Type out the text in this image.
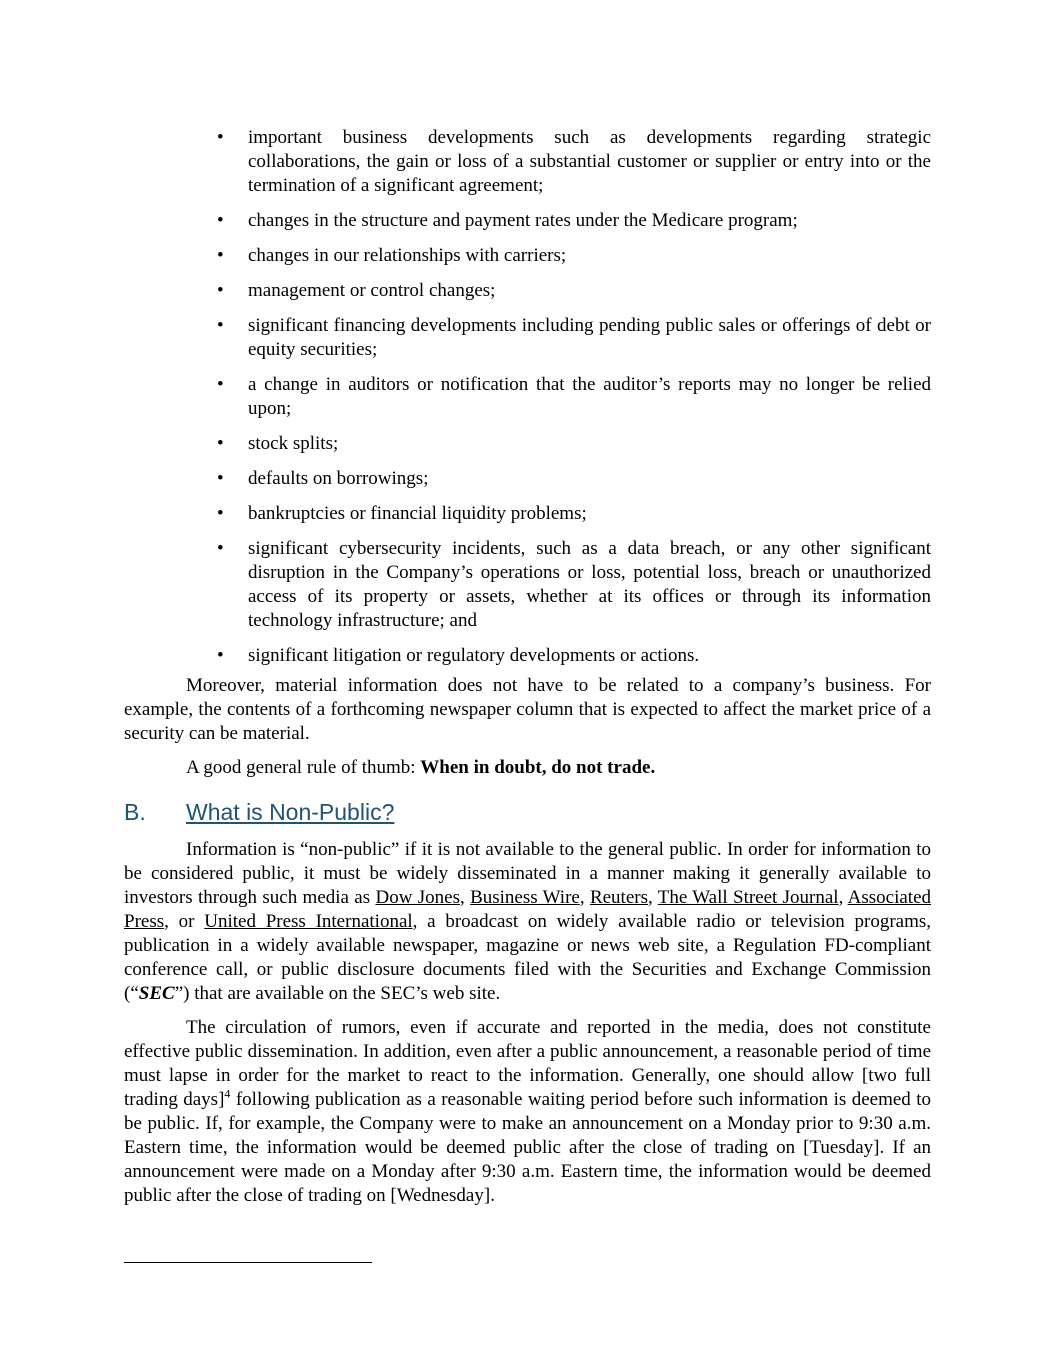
•	important business developments such as developments regarding strategic collaborations, the gain or loss of a substantial customer or supplier or entry into or the termination of a significant agreement;
•	changes in the structure and payment rates under the Medicare program;
•	changes in our relationships with carriers;
•	management or control changes;
•	significant financing developments including pending public sales or offerings of debt or equity securities;
•	a change in auditors or notification that the auditor’s reports may no longer be relied upon;
•	stock splits;
•	defaults on borrowings;
•	bankruptcies or financial liquidity problems;
•	significant cybersecurity incidents, such as a data breach, or any other significant disruption in the Company’s operations or loss, potential loss, breach or unauthorized access of its property or assets, whether at its offices or through its information technology infrastructure; and
•	significant litigation or regulatory developments or actions.

Moreover, material information does not have to be related to a company’s business. For example, the contents of a forthcoming newspaper column that is expected to affect the market price of a security can be material.

A good general rule of thumb: When in doubt, do not trade.

B. What is Non-Public?

Information is “non-public” if it is not available to the general public. In order for information to be considered public, it must be widely disseminated in a manner making it generally available to investors through such media as Dow Jones, Business Wire, Reuters, The Wall Street Journal, Associated Press, or United Press International, a broadcast on widely available radio or television programs, publication in a widely available newspaper, magazine or news web site, a Regulation FD-compliant conference call, or public disclosure documents filed with the Securities and Exchange Commission (“SEC”) that are available on the SEC’s web site.

The circulation of rumors, even if accurate and reported in the media, does not constitute effective public dissemination. In addition, even after a public announcement, a reasonable period of time must lapse in order for the market to react to the information. Generally, one should allow [two full trading days]$^4$ following publication as a reasonable waiting period before such information is deemed to be public. If, for example, the Company were to make an announcement on a Monday prior to 9:30 a.m. Eastern time, the information would be deemed public after the close of trading on [Tuesday]. If an announcement were made on a Monday after 9:30 a.m. Eastern time, the information would be deemed public after the close of trading on [Wednesday].
